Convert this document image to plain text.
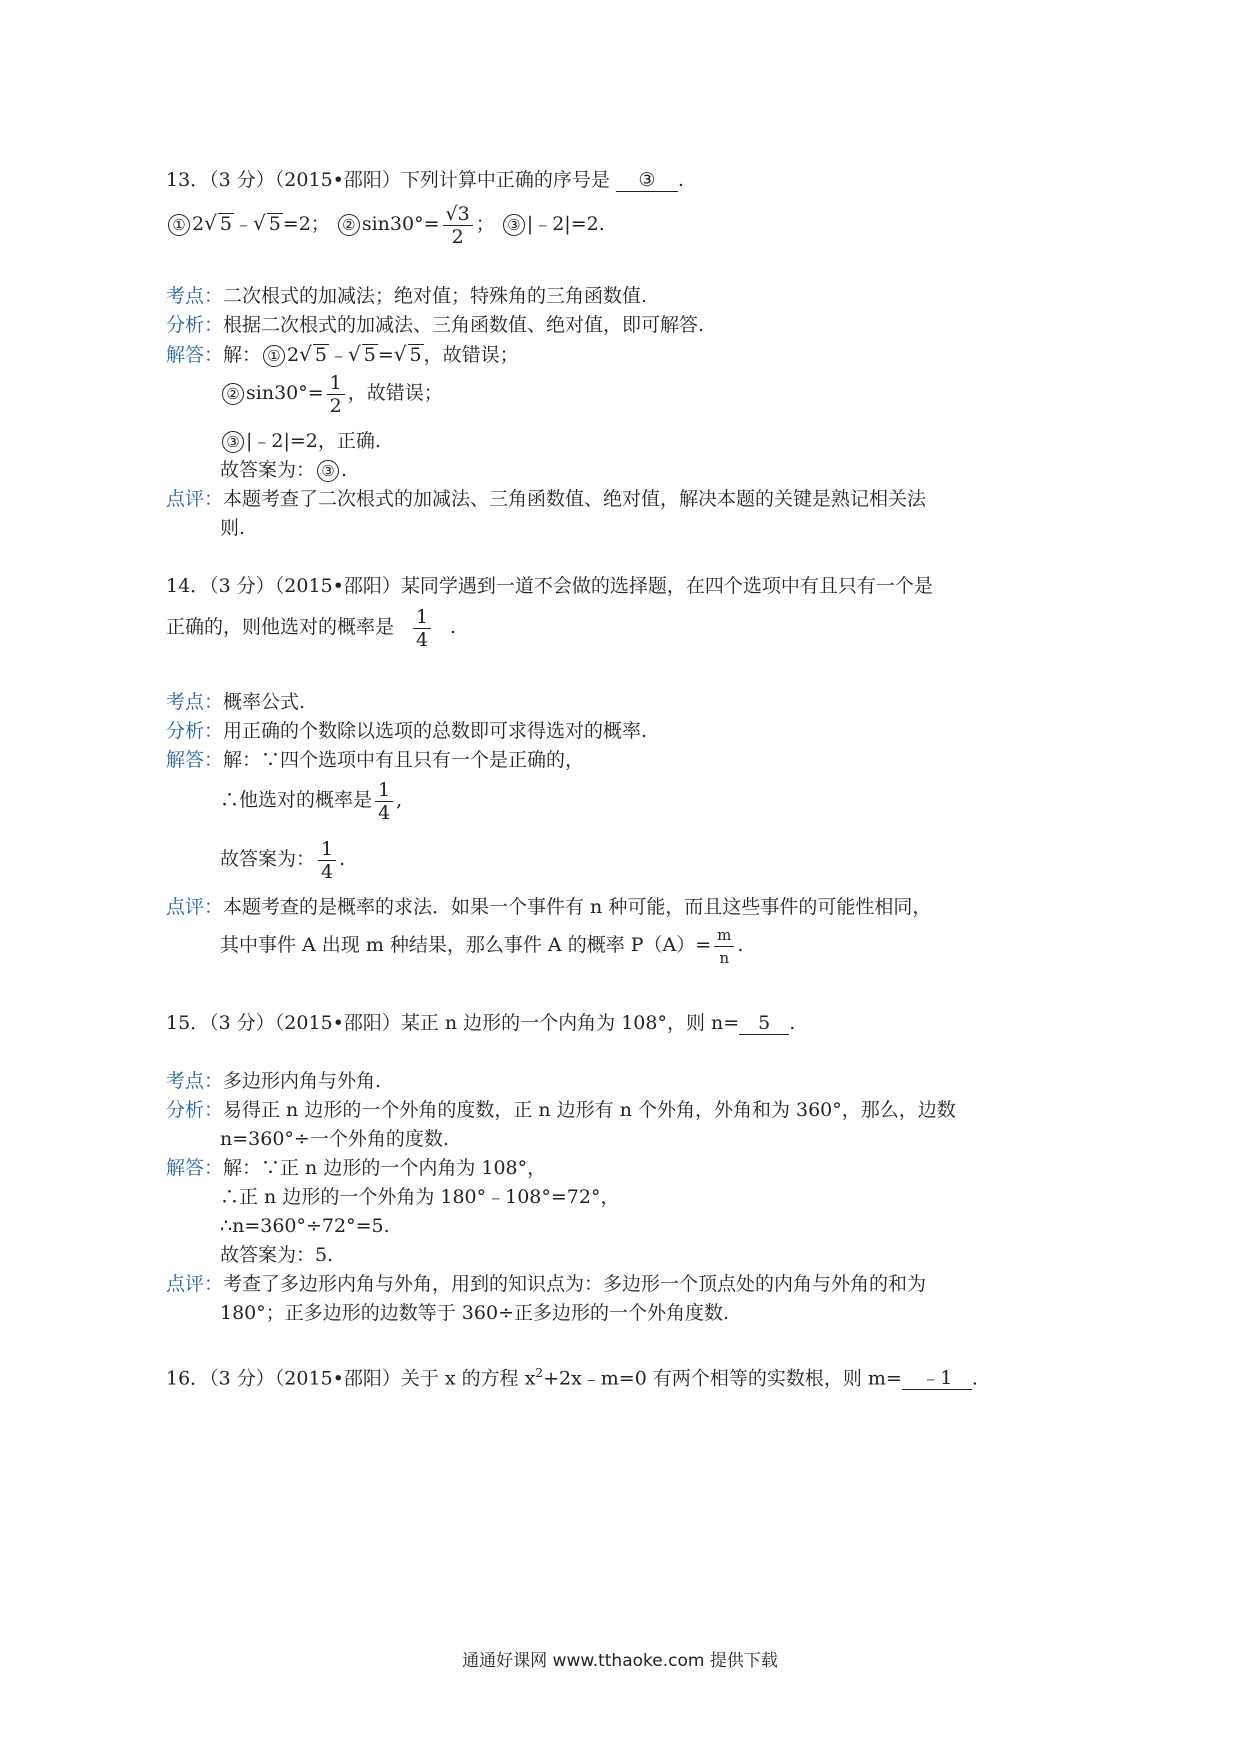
13．（3 分）（2015•邵阳）下列计算中正确的序号是 ③ .
① 2√ 5 ﹣√ 5 =2； ② $\sin 30^\circ= \frac{√3}{2}$ ； ③ |﹣2|=2.
考点：二次根式的加减法；绝对值；特殊角的三角函数值.
分析：根据二次根式的加减法、三角函数值、绝对值，即可解答.
解答：解： ① 2√ 5 ﹣√ 5 =√ 5 ，故错误；
② $\sin 30^\circ= \frac{1}{2}$ ，故错误；
③ |﹣2|=2，正确.
故答案为： ③ .
点评：本题考查了二次根式的加减法、三角函数值、绝对值，解决本题的关键是熟记相关法
则.
14．（3 分）（2015•邵阳）某同学遇到一道不会做的选择题，在四个选项中有且只有一个是
正确的，则他选对的概率是 $\frac{1}{4}$ .
考点：概率公式.
分析：用正确的个数除以选项的总数即可求得选对的概率.
解答：解：∵四个选项中有且只有一个是正确的，
∴他选对的概率是 $\frac{1}{4}$ ,
故答案为： $\frac{1}{4}$ .
点评：本题考查的是概率的求法．如果一个事件有 n 种可能，而且这些事件的可能性相同，
其中事件 A 出现 m 种结果，那么事件 A 的概率 $P(A)= \frac{m}{n}$ .
15．（3 分）（2015•邵阳）某正 n 边形的一个内角为 108°，则 n= 5 .
考点：多边形内角与外角.
分析：易得正 n 边形的一个外角的度数，正 n 边形有 n 个外角，外角和为 360°，那么，边数
n=360°÷一个外角的度数.
解答：解：∵正 n 边形的一个内角为 108°，
∴正 n 边形的一个外角为 180°﹣108°=72°，
∴n=360°÷72°=5.
故答案为：5.
点评：考查了多边形内角与外角，用到的知识点为：多边形一个顶点处的内角与外角的和为
180°；正多边形的边数等于 360÷正多边形的一个外角度数.
16．（3 分）（2015•邵阳）关于 x 的方程 $x^2+2x﹣m=0$ 有两个相等的实数根，则 m= ﹣1 .
通通好课网 www.tthaoke.com 提供下载
